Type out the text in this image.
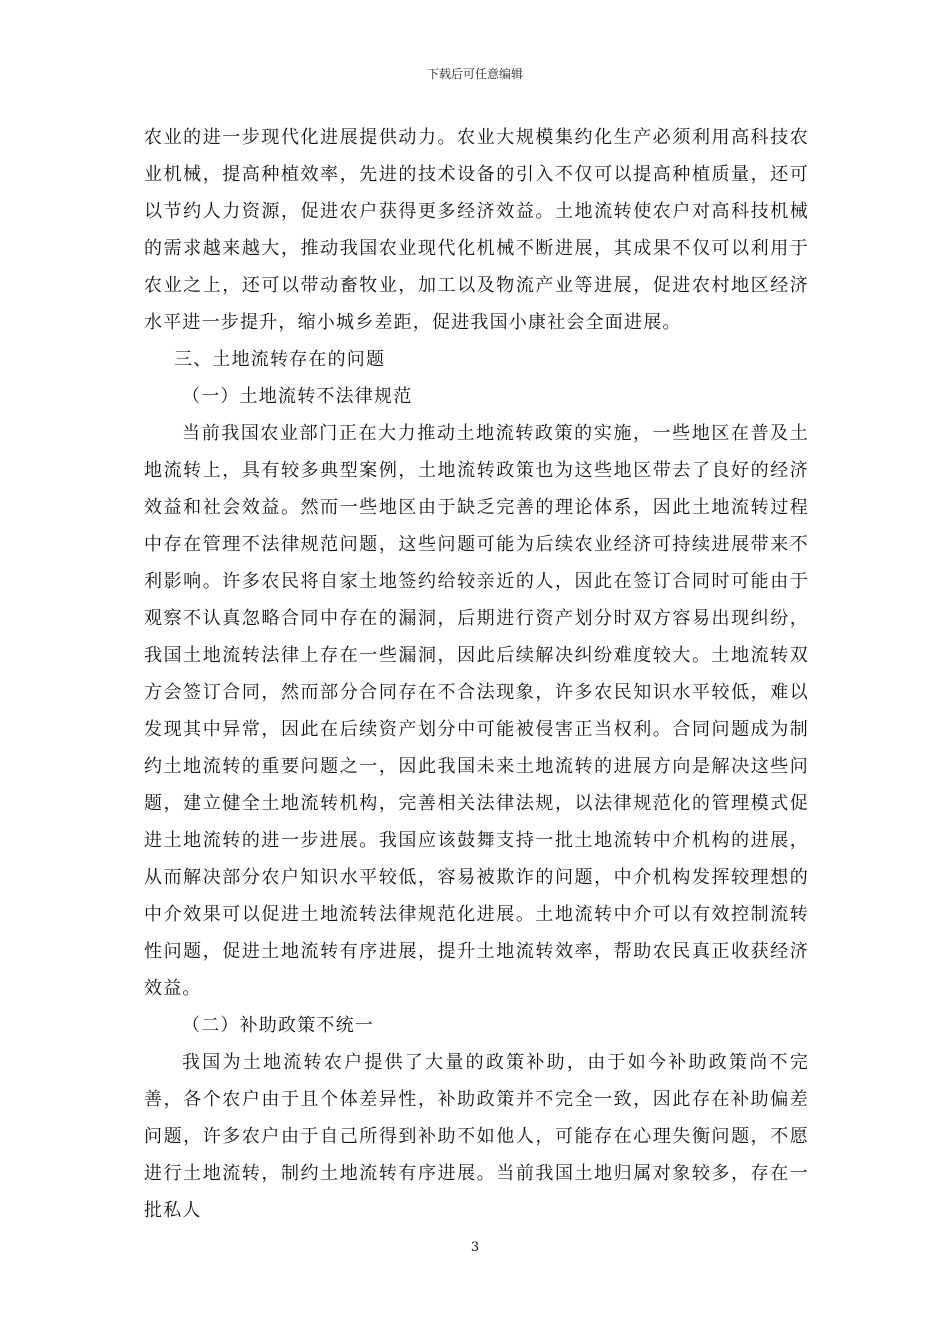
下载后可任意编辑

农业的进一步现代化进展提供动力。农业大规模集约化生产必须利用高科技农业机械，提高种植效率，先进的技术设备的引入不仅可以提高种植质量，还可以节约人力资源，促进农户获得更多经济效益。土地流转使农户对高科技机械的需求越来越大，推动我国农业现代化机械不断进展，其成果不仅可以利用于农业之上，还可以带动畜牧业，加工以及物流产业等进展，促进农村地区经济水平进一步提升，缩小城乡差距，促进我国小康社会全面进展。

三、土地流转存在的问题

（一）土地流转不法律规范

当前我国农业部门正在大力推动土地流转政策的实施，一些地区在普及土地流转上，具有较多典型案例，土地流转政策也为这些地区带去了良好的经济效益和社会效益。然而一些地区由于缺乏完善的理论体系，因此土地流转过程中存在管理不法律规范问题，这些问题可能为后续农业经济可持续进展带来不利影响。许多农民将自家土地签约给较亲近的人，因此在签订合同时可能由于观察不认真忽略合同中存在的漏洞，后期进行资产划分时双方容易出现纠纷，我国土地流转法律上存在一些漏洞，因此后续解决纠纷难度较大。土地流转双方会签订合同，然而部分合同存在不合法现象，许多农民知识水平较低，难以发现其中异常，因此在后续资产划分中可能被侵害正当权利。合同问题成为制约土地流转的重要问题之一，因此我国未来土地流转的进展方向是解决这些问题，建立健全土地流转机构，完善相关法律法规，以法律规范化的管理模式促进土地流转的进一步进展。我国应该鼓舞支持一批土地流转中介机构的进展，从而解决部分农户知识水平较低，容易被欺诈的问题，中介机构发挥较理想的中介效果可以促进土地流转法律规范化进展。土地流转中介可以有效控制流转性问题，促进土地流转有序进展，提升土地流转效率，帮助农民真正收获经济效益。

（二）补助政策不统一

我国为土地流转农户提供了大量的政策补助，由于如今补助政策尚不完善，各个农户由于且个体差异性，补助政策并不完全一致，因此存在补助偏差问题，许多农户由于自己所得到补助不如他人，可能存在心理失衡问题，不愿进行土地流转，制约土地流转有序进展。当前我国土地归属对象较多，存在一批私人

3
